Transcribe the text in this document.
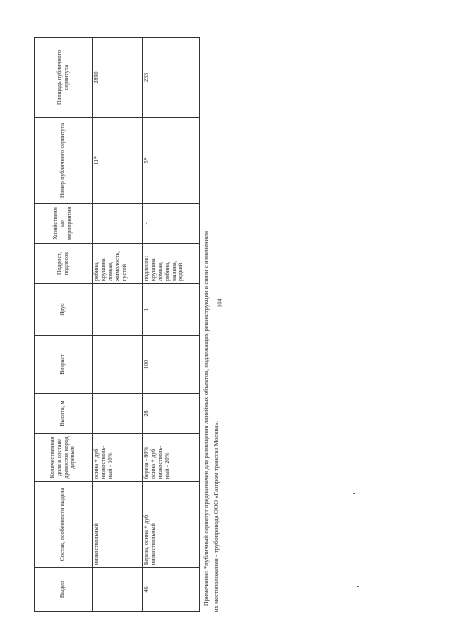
104
Выдел	Состав, особенности выдела	Количественная доля в составе древостоя пород деревьев	Высота, м	Возраст	Ярус	Подрост, подлесок	Хозяйственные мероприятия	Номер публичного сервитута	Площадь публичного сервитута
	низкоствольный	осина + дуб низкостволь-ный - 10%				рябина, крушина ломкая, жимолость, густой		11*	2890
46	Береза, осина + дуб низкоствольный	береза - 80% осина + дуб низкостволь-ный - 20%	28	100	1	подлесок: крушина ломкая, рябина, малина, редкий	-	5*	233
Примечание: *публичный сервитут предназначен для размещения линейных объектов, подлежащих реконструкции в связи с изменением их местоположения - трубопровода ООО «Газпром трансгаз Москва».
